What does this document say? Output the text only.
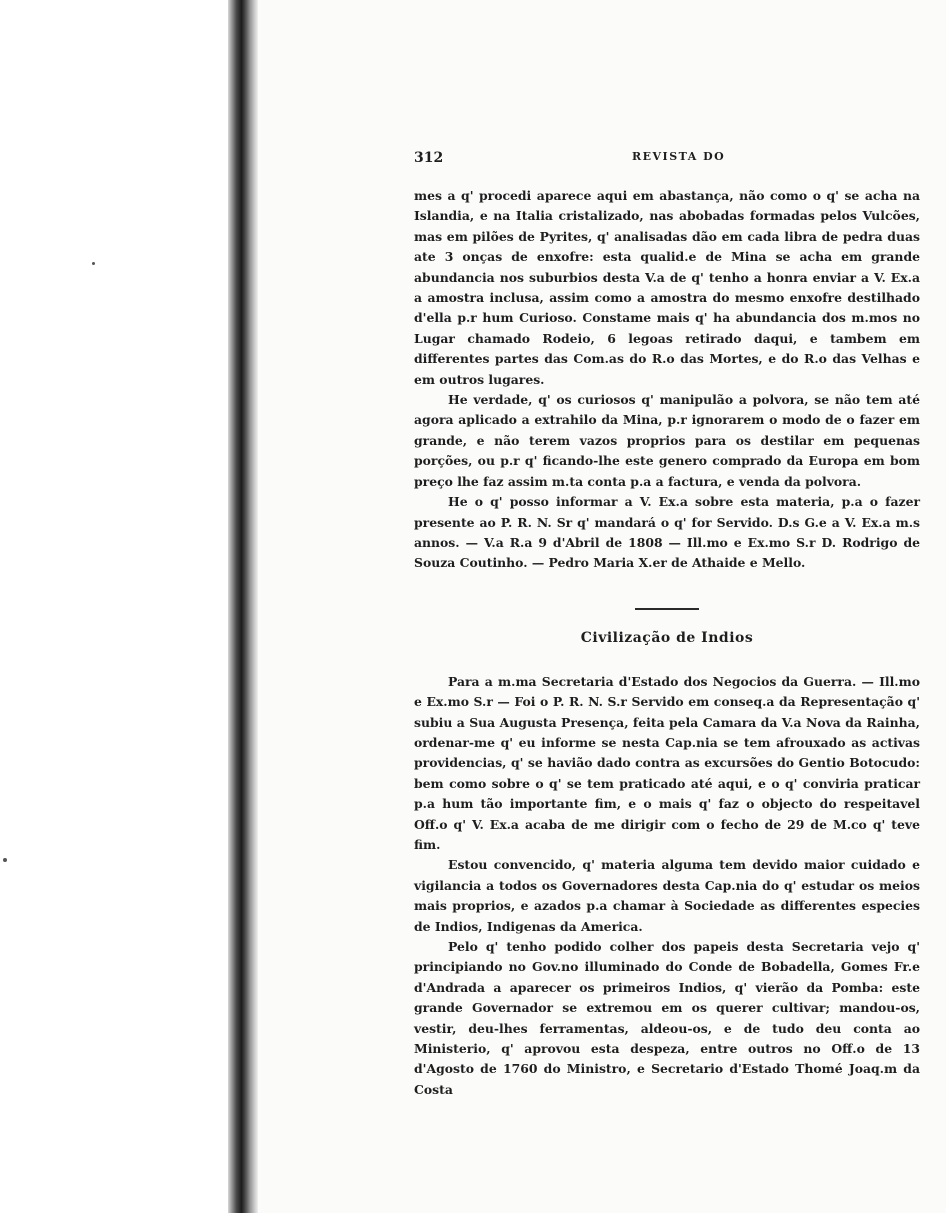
312	REVISTA DO

mes a q' procedi aparece aqui em abastança, não como o q' se acha na Islandia, e na Italia cristalizado, nas abobadas formadas pelos Vulcões, mas em pilões de Pyrites, q' analisadas dão em cada libra de pedra duas ate 3 onças de enxofre: esta qualid.e de Mina se acha em grande abundancia nos suburbios desta V.a de q' tenho a honra enviar a V. Ex.a a amostra inclusa, assim como a amostra do mesmo enxofre destilhado d'ella p.r hum Curioso. Constame mais q' ha abundancia dos m.mos no Lugar chamado Rodeio, 6 legoas retirado daqui, e tambem em differentes partes das Com.as do R.o das Mortes, e do R.o das Velhas e em outros lugares.

He verdade, q' os curiosos q' manipulão a polvora, se não tem até agora aplicado a extrahilo da Mina, p.r ignorarem o modo de o fazer em grande, e não terem vazos proprios para os destilar em pequenas porções, ou p.r q' ficando-lhe este genero comprado da Europa em bom preço lhe faz assim m.ta conta p.a a factura, e venda da polvora.

He o q' posso informar a V. Ex.a sobre esta materia, p.a o fazer presente ao P. R. N. Sr q' mandará o q' for Servido. D.s G.e a V. Ex.a m.s annos. — V.a R.a 9 d'Abril de 1808 — Ill.mo e Ex.mo S.r D. Rodrigo de Souza Coutinho. — Pedro Maria X.er de Athaide e Mello.

Civilização de Indios

Para a m.ma Secretaria d'Estado dos Negocios da Guerra. — Ill.mo e Ex.mo S.r — Foi o P. R. N. S.r Servido em conseq.a da Representação q' subiu a Sua Augusta Presença, feita pela Camara da V.a Nova da Rainha, ordenar-me q' eu informe se nesta Cap.nia se tem afrouxado as activas providencias, q' se havião dado contra as excursões do Gentio Botocudo: bem como sobre o q' se tem praticado até aqui, e o q' conviria praticar p.a hum tão importante fim, e o mais q' faz o objecto do respeitavel Off.o q' V. Ex.a acaba de me dirigir com o fecho de 29 de M.co q' teve fim.

Estou convencido, q' materia alguma tem devido maior cuidado e vigilancia a todos os Governadores desta Cap.nia do q' estudar os meios mais proprios, e azados p.a chamar à Sociedade as differentes especies de Indios, Indigenas da America.

Pelo q' tenho podido colher dos papeis desta Secretaria vejo q' principiando no Gov.no illuminado do Conde de Bobadella, Gomes Fr.e d'Andrada a aparecer os primeiros Indios, q' vierão da Pomba: este grande Governador se extremou em os querer cultivar; mandou-os, vestir, deu-lhes ferramentas, aldeou-os, e de tudo deu conta ao Ministerio, q' aprovou esta despeza, entre outros no Off.o de 13 d'Agosto de 1760 do Ministro, e Secretario d'Estado Thomé Joaq.m da Costa
